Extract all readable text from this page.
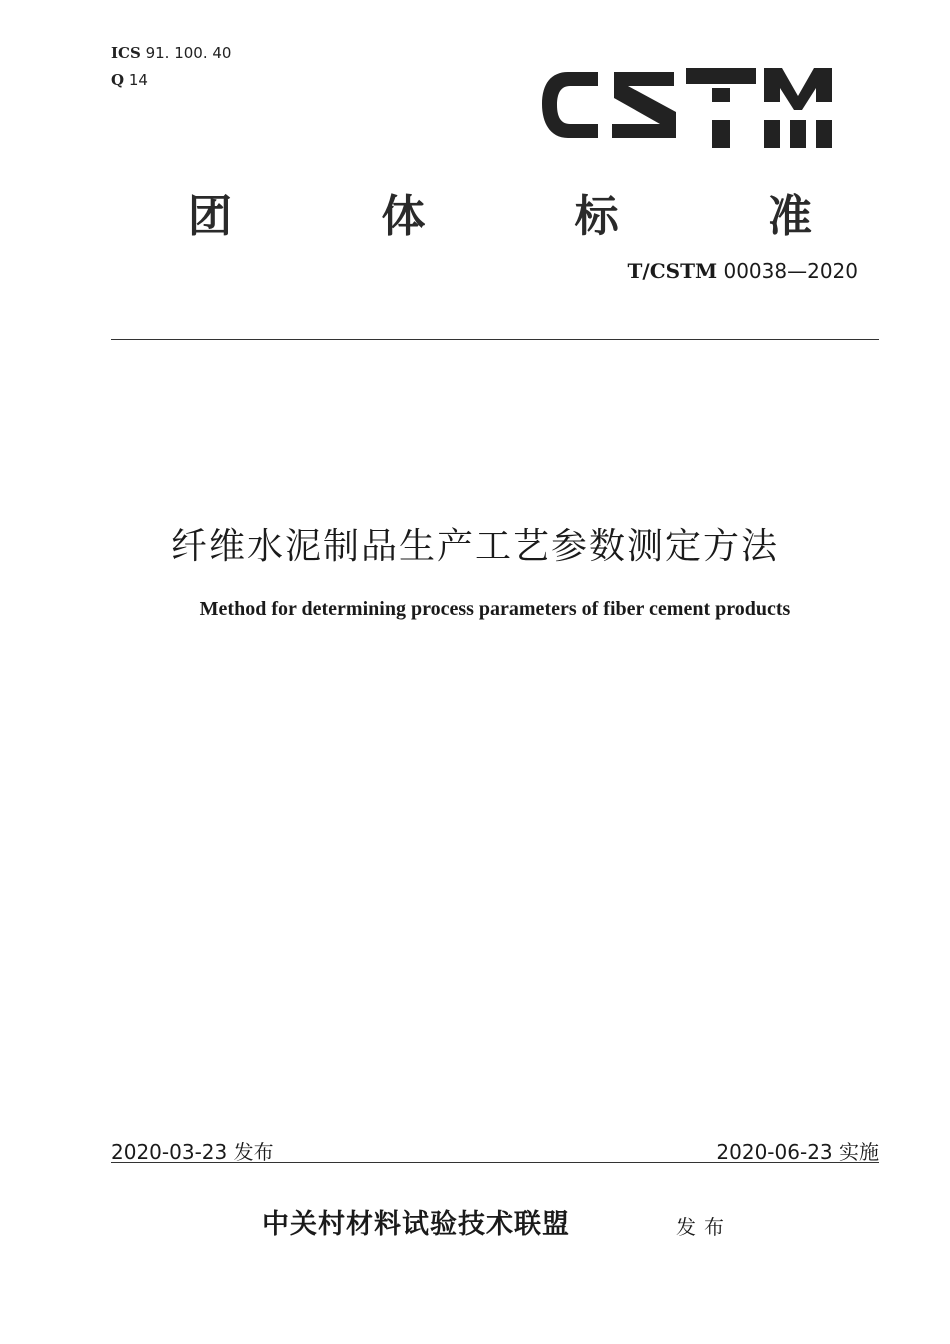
ICS 91. 100. 40
Q 14
团	体	标	准
T/CSTM 00038—2020
纤维水泥制品生产工艺参数测定方法
Method for determining process parameters of fiber cement products
2020-03-23 发布	2020-06-23 实施
中关村材料试验技术联盟	发布
